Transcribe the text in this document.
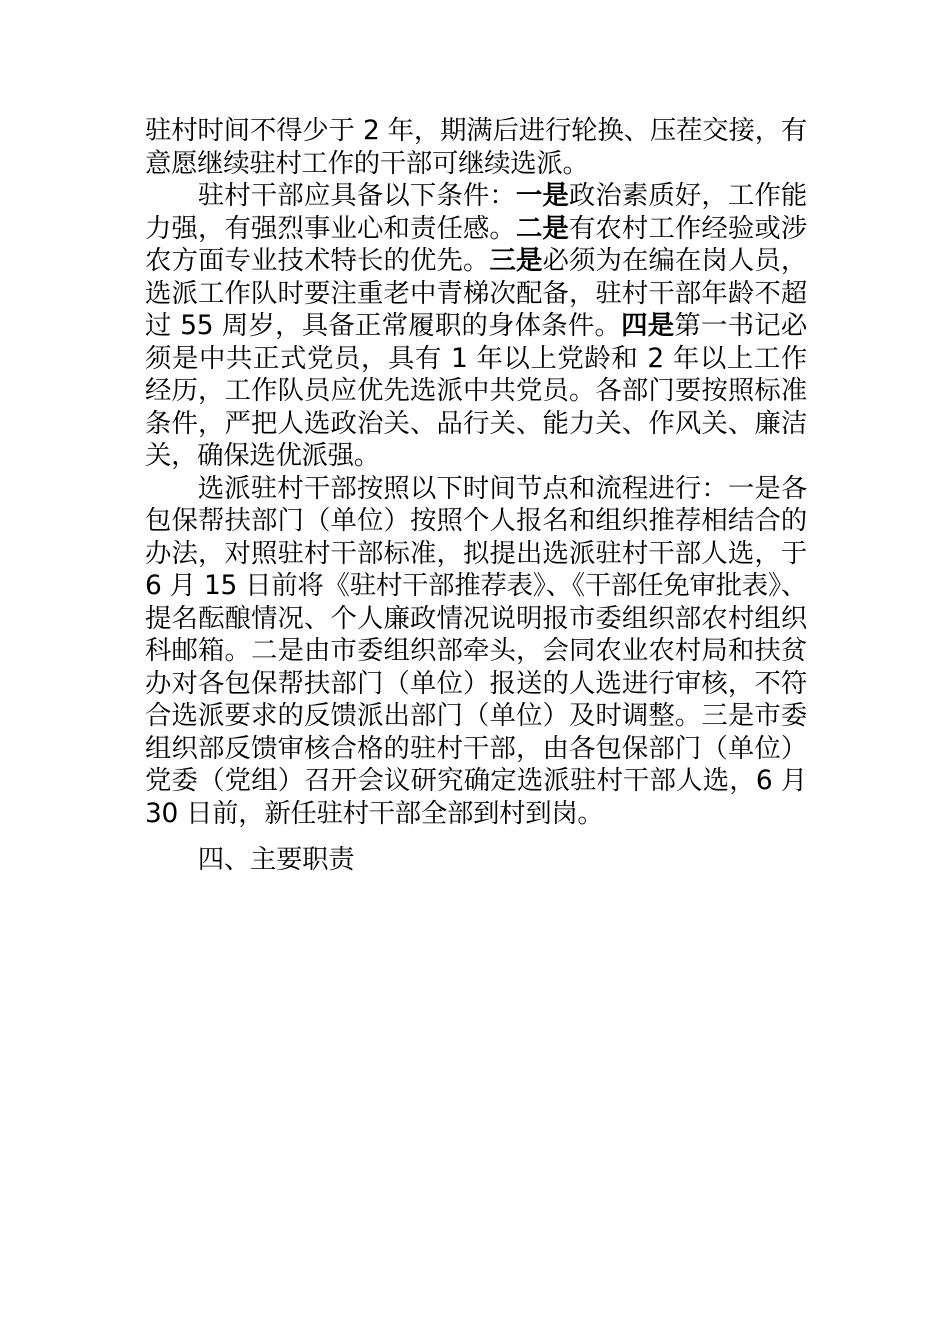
驻村时间不得少于 2 年，期满后进行轮换、压茬交接，有意愿继续驻村工作的干部可继续选派。

驻村干部应具备以下条件：一是政治素质好，工作能力强，有强烈事业心和责任感。二是有农村工作经验或涉农方面专业技术特长的优先。三是必须为在编在岗人员，选派工作队时要注重老中青梯次配备，驻村干部年龄不超过 55 周岁，具备正常履职的身体条件。四是第一书记必须是中共正式党员，具有 1 年以上党龄和 2 年以上工作经历，工作队员应优先选派中共党员。各部门要按照标准条件，严把人选政治关、品行关、能力关、作风关、廉洁关，确保选优派强。

选派驻村干部按照以下时间节点和流程进行：一是各包保帮扶部门（单位）按照个人报名和组织推荐相结合的办法，对照驻村干部标准，拟提出选派驻村干部人选，于 6 月 15 日前将《驻村干部推荐表》、《干部任免审批表》、提名酝酿情况、个人廉政情况说明报市委组织部农村组织科邮箱。二是由市委组织部牵头，会同农业农村局和扶贫办对各包保帮扶部门（单位）报送的人选进行审核，不符合选派要求的反馈派出部门（单位）及时调整。三是市委组织部反馈审核合格的驻村干部，由各包保部门（单位）党委（党组）召开会议研究确定选派驻村干部人选，6 月 30 日前，新任驻村干部全部到村到岗。

四、主要职责
